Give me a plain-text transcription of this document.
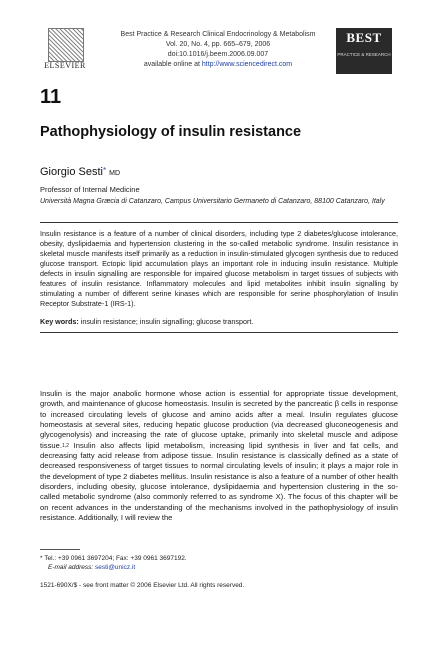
ELSEVIER
Best Practice & Research Clinical Endocrinology & Metabolism
Vol. 20, No. 4, pp. 665–679, 2006
doi:10.1016/j.beem.2006.09.007
available online at http://www.sciencedirect.com
BEST
PRACTICE & RESEARCH
11
Pathophysiology of insulin resistance
Giorgio Sesti* MD
Professor of Internal Medicine
Università Magna Græcia di Catanzaro, Campus Universitario Germaneto di Catanzaro, 88100 Catanzaro, Italy

Insulin resistance is a feature of a number of clinical disorders, including type 2 diabetes/glucose intolerance, obesity, dyslipidaemia and hypertension clustering in the so-called metabolic syndrome. Insulin resistance in skeletal muscle manifests itself primarily as a reduction in insulin-stimulated glycogen synthesis due to reduced glucose transport. Ectopic lipid accumulation plays an important role in inducing insulin resistance. Multiple defects in insulin signalling are responsible for impaired glucose metabolism in target tissues of subjects with features of insulin resistance. Inflammatory molecules and lipid metabolites inhibit insulin signalling by stimulating a number of different serine kinases which are responsible for serine phosphorylation of Insulin Receptor Substrate-1 (IRS-1).

Key words: insulin resistance; insulin signalling; glucose transport.

Insulin is the major anabolic hormone whose action is essential for appropriate tissue development, growth, and maintenance of glucose homeostasis. Insulin is secreted by the pancreatic β cells in response to increased circulating levels of glucose and amino acids after a meal. Insulin regulates glucose homeostasis at several sites, reducing hepatic glucose production (via decreased gluconeogenesis and glycogenolysis) and increasing the rate of glucose uptake, primarily into skeletal muscle and adipose tissue.$^{1,2}$ Insulin also affects lipid metabolism, increasing lipid synthesis in liver and fat cells, and decreasing fatty acid release from adipose tissue. Insulin resistance is classically defined as a state of decreased responsiveness of target tissues to normal circulating levels of insulin; it plays a major role in the development of type 2 diabetes mellitus. Insulin resistance is also a feature of a number of other health disorders, including obesity, glucose intolerance, dyslipidaemia and hypertension clustering in the so-called metabolic syndrome (also commonly referred to as syndrome X). The focus of this chapter will be on recent advances in the understanding of the mechanisms involved in the pathophysiology of insulin resistance. Additionally, I will review the

* Tel.: +39 0961 3697204; Fax: +39 0961 3697192.
E-mail address: sesti@unicz.it
1521-690X/$ - see front matter © 2006 Elsevier Ltd. All rights reserved.
